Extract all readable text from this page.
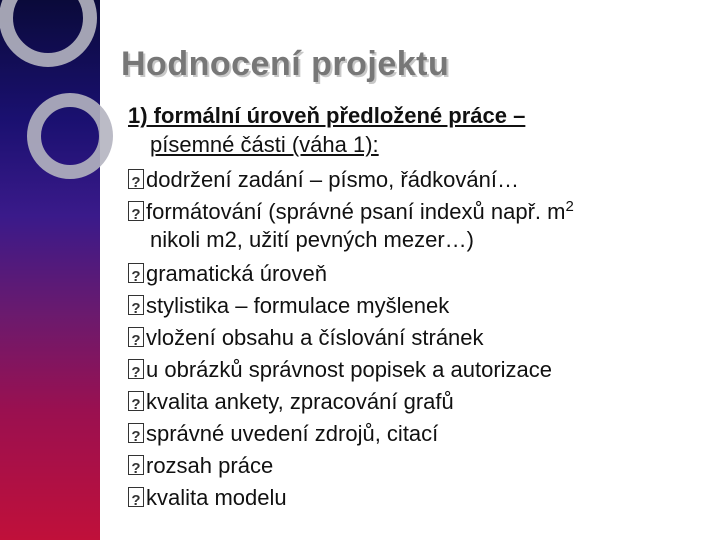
Hodnocení projektu
1) formální úroveň předložené práce –
písemné části (váha 1):
?
dodržení zadání – písmo, řádkování…
?
formátování (správné psaní indexů např. $m^2$
nikoli m2, užití pevných mezer…)
?
gramatická úroveň
?
stylistika – formulace myšlenek
?
vložení obsahu a číslování stránek
?
u obrázků správnost popisek a autorizace
?
kvalita ankety, zpracování grafů
?
správné uvedení zdrojů, citací
?
rozsah práce
?
kvalita modelu
